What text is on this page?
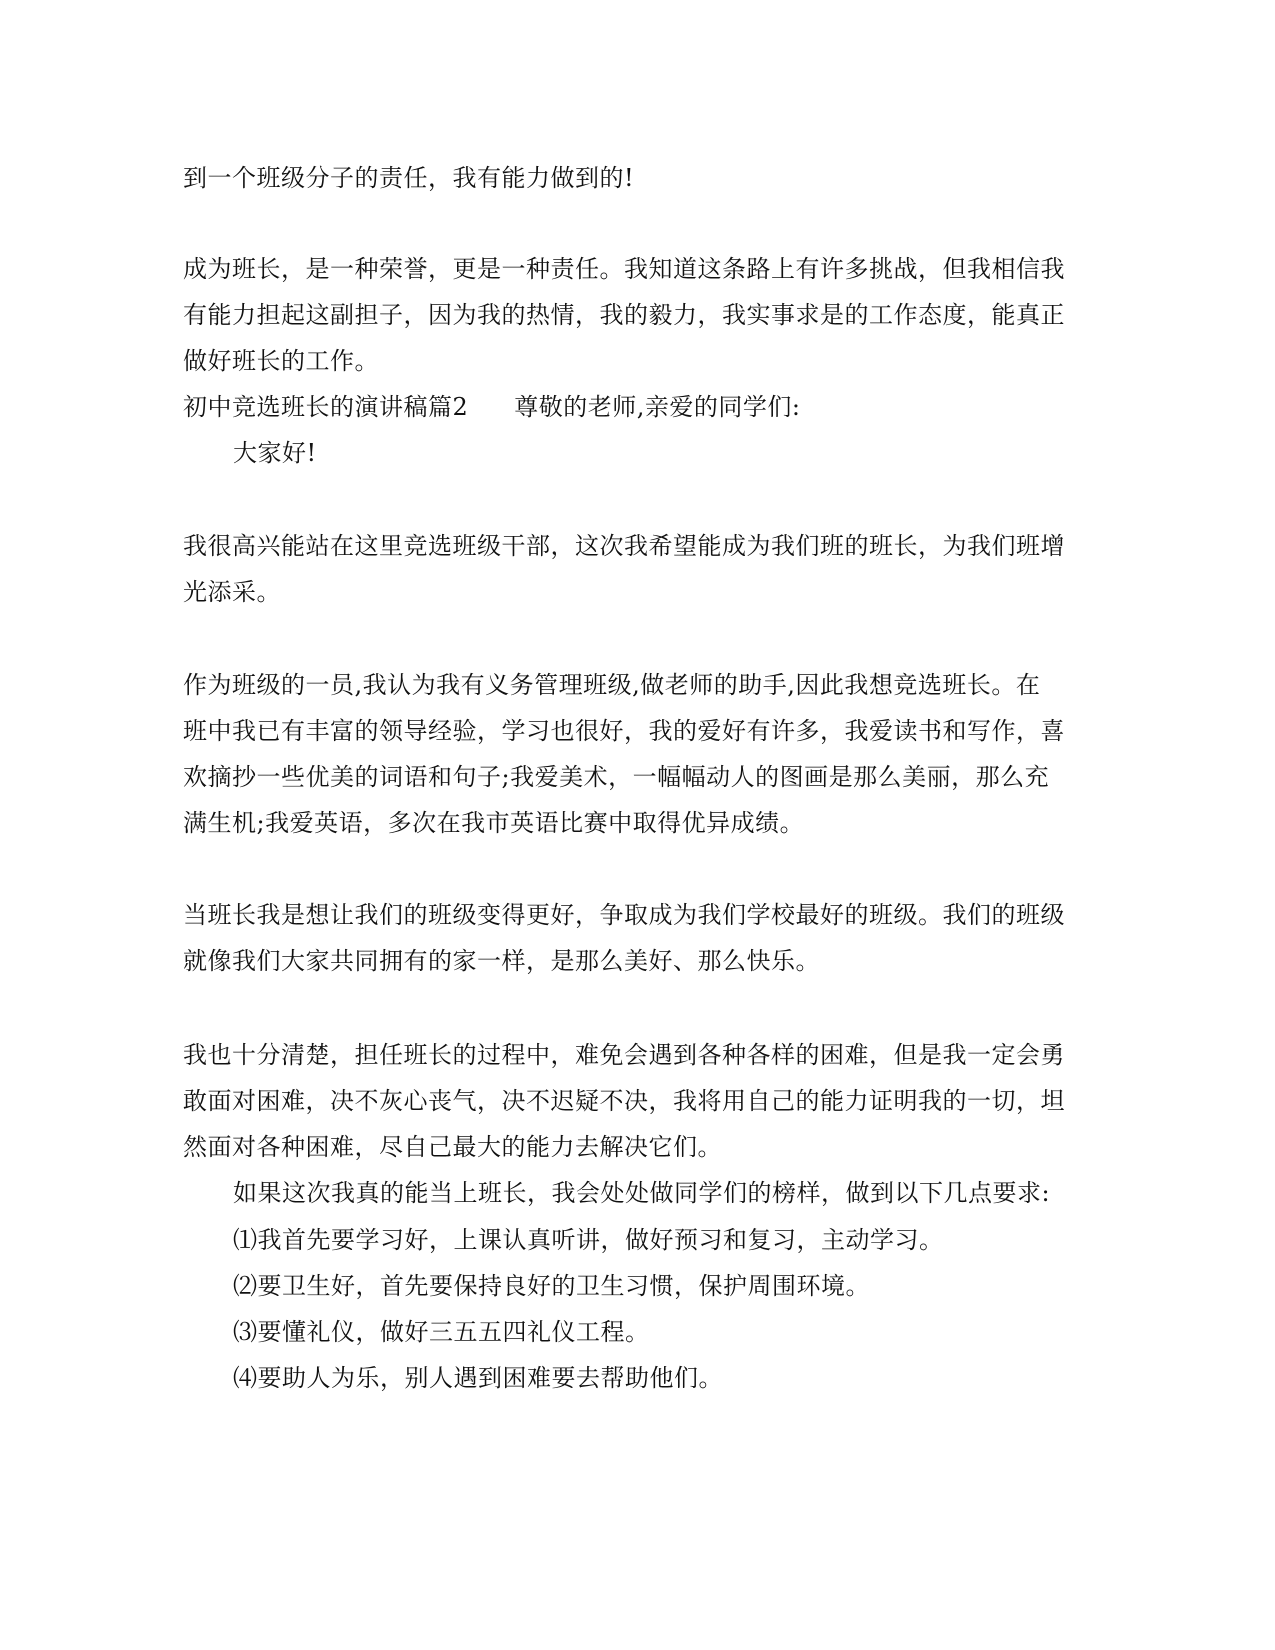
到一个班级分子的责任，我有能力做到的!
成为班长，是一种荣誉，更是一种责任。我知道这条路上有许多挑战，但我相信我
有能力担起这副担子，因为我的热情，我的毅力，我实事求是的工作态度，能真正
做好班长的工作。
初中竞选班长的演讲稿篇2 尊敬的老师,亲爱的同学们:
大家好!
我很高兴能站在这里竞选班级干部，这次我希望能成为我们班的班长，为我们班增
光添采。
作为班级的一员,我认为我有义务管理班级,做老师的助手,因此我想竞选班长。在
班中我已有丰富的领导经验，学习也很好，我的爱好有许多，我爱读书和写作，喜
欢摘抄一些优美的词语和句子;我爱美术，一幅幅动人的图画是那么美丽，那么充
满生机;我爱英语，多次在我市英语比赛中取得优异成绩。
当班长我是想让我们的班级变得更好，争取成为我们学校最好的班级。我们的班级
就像我们大家共同拥有的家一样，是那么美好、那么快乐。
我也十分清楚，担任班长的过程中，难免会遇到各种各样的困难，但是我一定会勇
敢面对困难，决不灰心丧气，决不迟疑不决，我将用自己的能力证明我的一切，坦
然面对各种困难，尽自己最大的能力去解决它们。
如果这次我真的能当上班长，我会处处做同学们的榜样，做到以下几点要求:
⑴我首先要学习好，上课认真听讲，做好预习和复习，主动学习。
⑵要卫生好，首先要保持良好的卫生习惯，保护周围环境。
⑶要懂礼仪，做好三五五四礼仪工程。
⑷要助人为乐，别人遇到困难要去帮助他们。
